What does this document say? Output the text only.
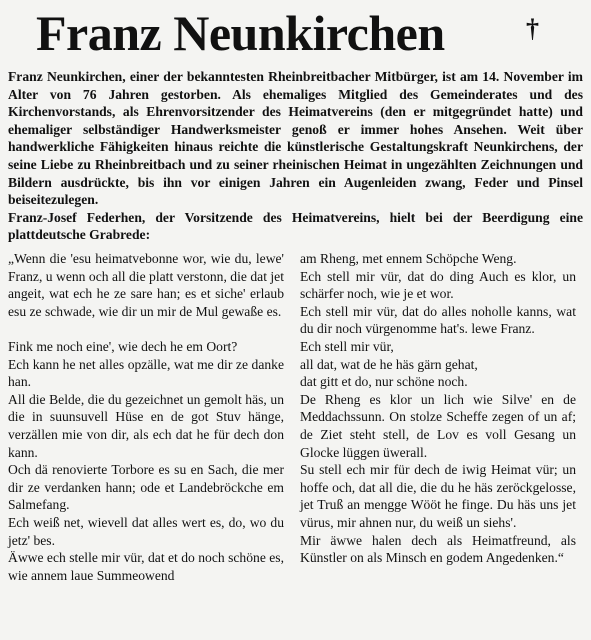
Franz Neunkirchen	†

Franz Neunkirchen, einer der bekanntesten Rheinbreitbacher Mitbürger, ist am 14. November im Alter von 76 Jahren gestorben. Als ehemaliges Mitglied des Gemeinderates und des Kirchenvorstands, als Ehrenvorsitzender des Heimatvereins (den er mitgegründet hatte) und ehemaliger selbständiger Handwerksmeister genoß er immer hohes Ansehen. Weit über handwerkliche Fähigkeiten hinaus reichte die künstlerische Gestaltungskraft Neunkirchens, der seine Liebe zu Rheinbreitbach und zu seiner rheinischen Heimat in ungezählten Zeichnungen und Bildern ausdrückte, bis ihn vor einigen Jahren ein Augenleiden zwang, Feder und Pinsel beiseitezulegen.

Franz-Josef Federhen, der Vorsitzende des Heimatvereins, hielt bei der Beerdigung eine plattdeutsche Grabrede:

„Wenn die 'esu heimatvebonne wor, wie du, lewe' Franz, u wenn och all die platt verstonn, die dat jet angeit, wat ech he ze sare han; es et siche' erlaub esu ze schwade, wie dir un mir de Mul gewaße es.

Fink me noch eine', wie dech he em Oort?

Ech kann he net alles opzälle, wat me dir ze danke han.

All die Belde, die du gezeichnet un gemolt häs, un die in suunsuvell Hüse en de got Stuv hänge, verzällen mie von dir, als ech dat he für dech don kann.

Och dä renovierte Torbore es su en Sach, die mer dir ze verdanken hann; ode et Landebröckche em Salmefang.

Ech weiß net, wievell dat alles wert es, do, wo du jetz' bes.

Äwwe ech stelle mir vür, dat et do noch schöne es, wie annem laue Summeowend

am Rheng, met ennem Schöpche Weng.

Ech stell mir vür, dat do ding Auch es klor, un schärfer noch, wie je et wor.

Ech stell mir vür, dat do alles noholle kanns, wat du dir noch vürgenomme hat's. lewe Franz.

Ech stell mir vür,

all dat, wat de he häs gärn gehat,

dat gitt et do, nur schöne noch.

De Rheng es klor un lich wie Silve' en de Meddachssunn. On stolze Scheffe zegen of un af; de Ziet steht stell, de Lov es voll Gesang un Glocke lüggen üwerall.

Su stell ech mir für dech de iwig Heimat vür; un hoffe och, dat all die, die du he häs zeröckgelosse, jet Truß an mengge Wööt he finge. Du häs uns jet vürus, mir ahnen nur, du weiß un siehs'.

Mir äwwe halen dech als Heimatfreund, als Künstler on als Minsch en godem Angedenken.“
